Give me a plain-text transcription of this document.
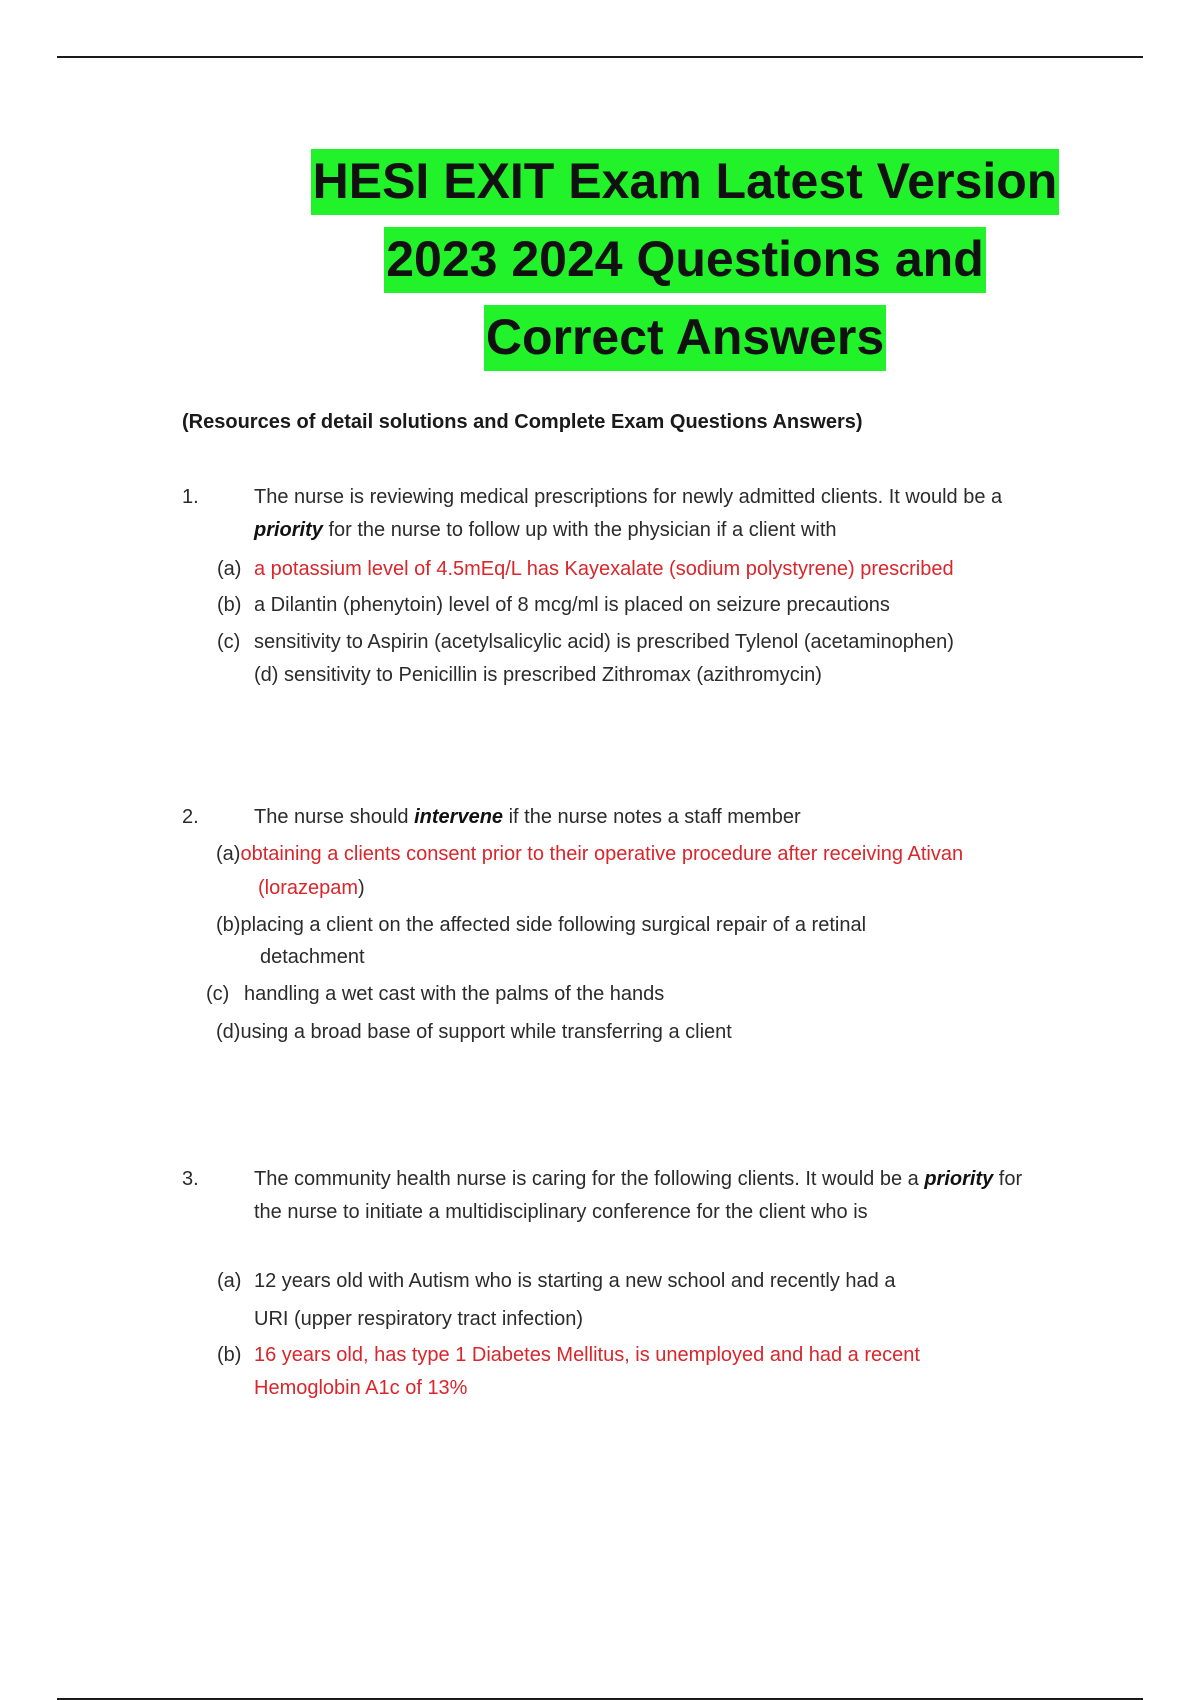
HESI EXIT Exam Latest Version
2023 2024 Questions and
Correct Answers
(Resources of detail solutions and Complete Exam Questions Answers)
1.	The nurse is reviewing medical prescriptions for newly admitted clients. It would be a priority for the nurse to follow up with the physician if a client with
(a) a potassium level of 4.5mEq/L has Kayexalate (sodium polystyrene) prescribed
(b) a Dilantin (phenytoin) level of 8 mcg/ml is placed on seizure precautions
(c) sensitivity to Aspirin (acetylsalicylic acid) is prescribed Tylenol (acetaminophen)
(d) sensitivity to Penicillin is prescribed Zithromax (azithromycin)
2.	The nurse should intervene if the nurse notes a staff member
(a)obtaining a clients consent prior to their operative procedure after receiving Ativan
(lorazepam)
(b)placing a client on the affected side following surgical repair of a retinal
detachment
(c) handling a wet cast with the palms of the hands
(d)using a broad base of support while transferring a client
3.	The community health nurse is caring for the following clients. It would be a priority for the nurse to initiate a multidisciplinary conference for the client who is
(a) 12 years old with Autism who is starting a new school and recently had a
URI (upper respiratory tract infection)
(b) 16 years old, has type 1 Diabetes Mellitus, is unemployed and had a recent
Hemoglobin A1c of 13%
